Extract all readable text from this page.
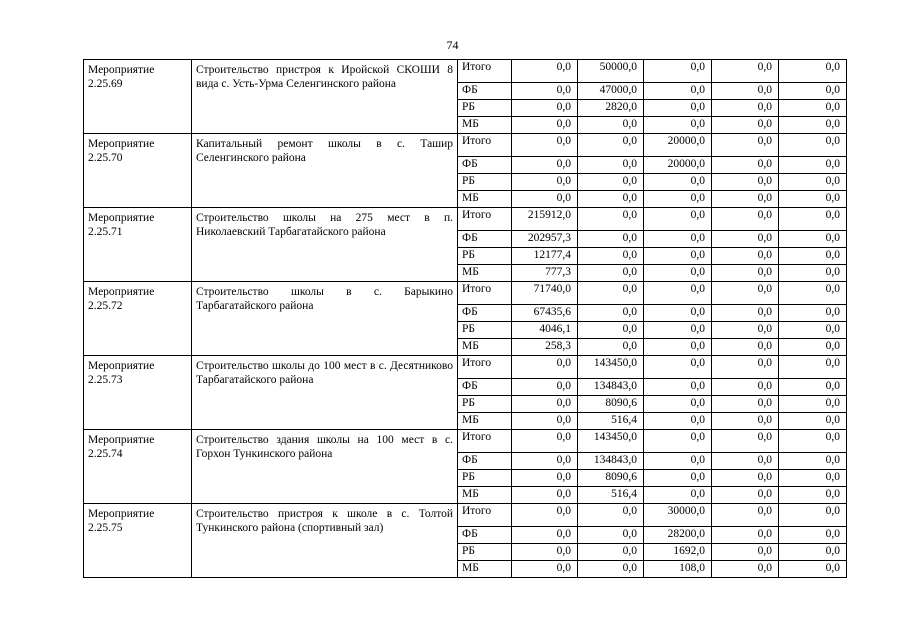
74
Мероприятие 2.25.69	Строительство пристроя к Иройской СКОШИ 8 вида с. Усть-Урма Селенгинского района	Итого	0,0	50000,0	0,0	0,0	0,0
		ФБ	0,0	47000,0	0,0	0,0	0,0
		РБ	0,0	2820,0	0,0	0,0	0,0
		МБ	0,0	0,0	0,0	0,0	0,0
Мероприятие 2.25.70	Капитальный ремонт школы в с. Ташир Селенгинского района	Итого	0,0	0,0	20000,0	0,0	0,0
		ФБ	0,0	0,0	20000,0	0,0	0,0
		РБ	0,0	0,0	0,0	0,0	0,0
		МБ	0,0	0,0	0,0	0,0	0,0
Мероприятие 2.25.71	Строительство школы на 275 мест в п. Николаевский Тарбагатайского района	Итого	215912,0	0,0	0,0	0,0	0,0
		ФБ	202957,3	0,0	0,0	0,0	0,0
		РБ	12177,4	0,0	0,0	0,0	0,0
		МБ	777,3	0,0	0,0	0,0	0,0
Мероприятие 2.25.72	Строительство школы в с. Барыкино Тарбагатайского района	Итого	71740,0	0,0	0,0	0,0	0,0
		ФБ	67435,6	0,0	0,0	0,0	0,0
		РБ	4046,1	0,0	0,0	0,0	0,0
		МБ	258,3	0,0	0,0	0,0	0,0
Мероприятие 2.25.73	Строительство школы до 100 мест в с. Десятниково Тарбагатайского района	Итого	0,0	143450,0	0,0	0,0	0,0
		ФБ	0,0	134843,0	0,0	0,0	0,0
		РБ	0,0	8090,6	0,0	0,0	0,0
		МБ	0,0	516,4	0,0	0,0	0,0
Мероприятие 2.25.74	Строительство здания школы на 100 мест в с. Горхон Тункинского района	Итого	0,0	143450,0	0,0	0,0	0,0
		ФБ	0,0	134843,0	0,0	0,0	0,0
		РБ	0,0	8090,6	0,0	0,0	0,0
		МБ	0,0	516,4	0,0	0,0	0,0
Мероприятие 2.25.75	Строительство пристроя к школе в с. Толтой Тункинского района (спортивный зал)	Итого	0,0	0,0	30000,0	0,0	0,0
		ФБ	0,0	0,0	28200,0	0,0	0,0
		РБ	0,0	0,0	1692,0	0,0	0,0
		МБ	0,0	0,0	108,0	0,0	0,0
